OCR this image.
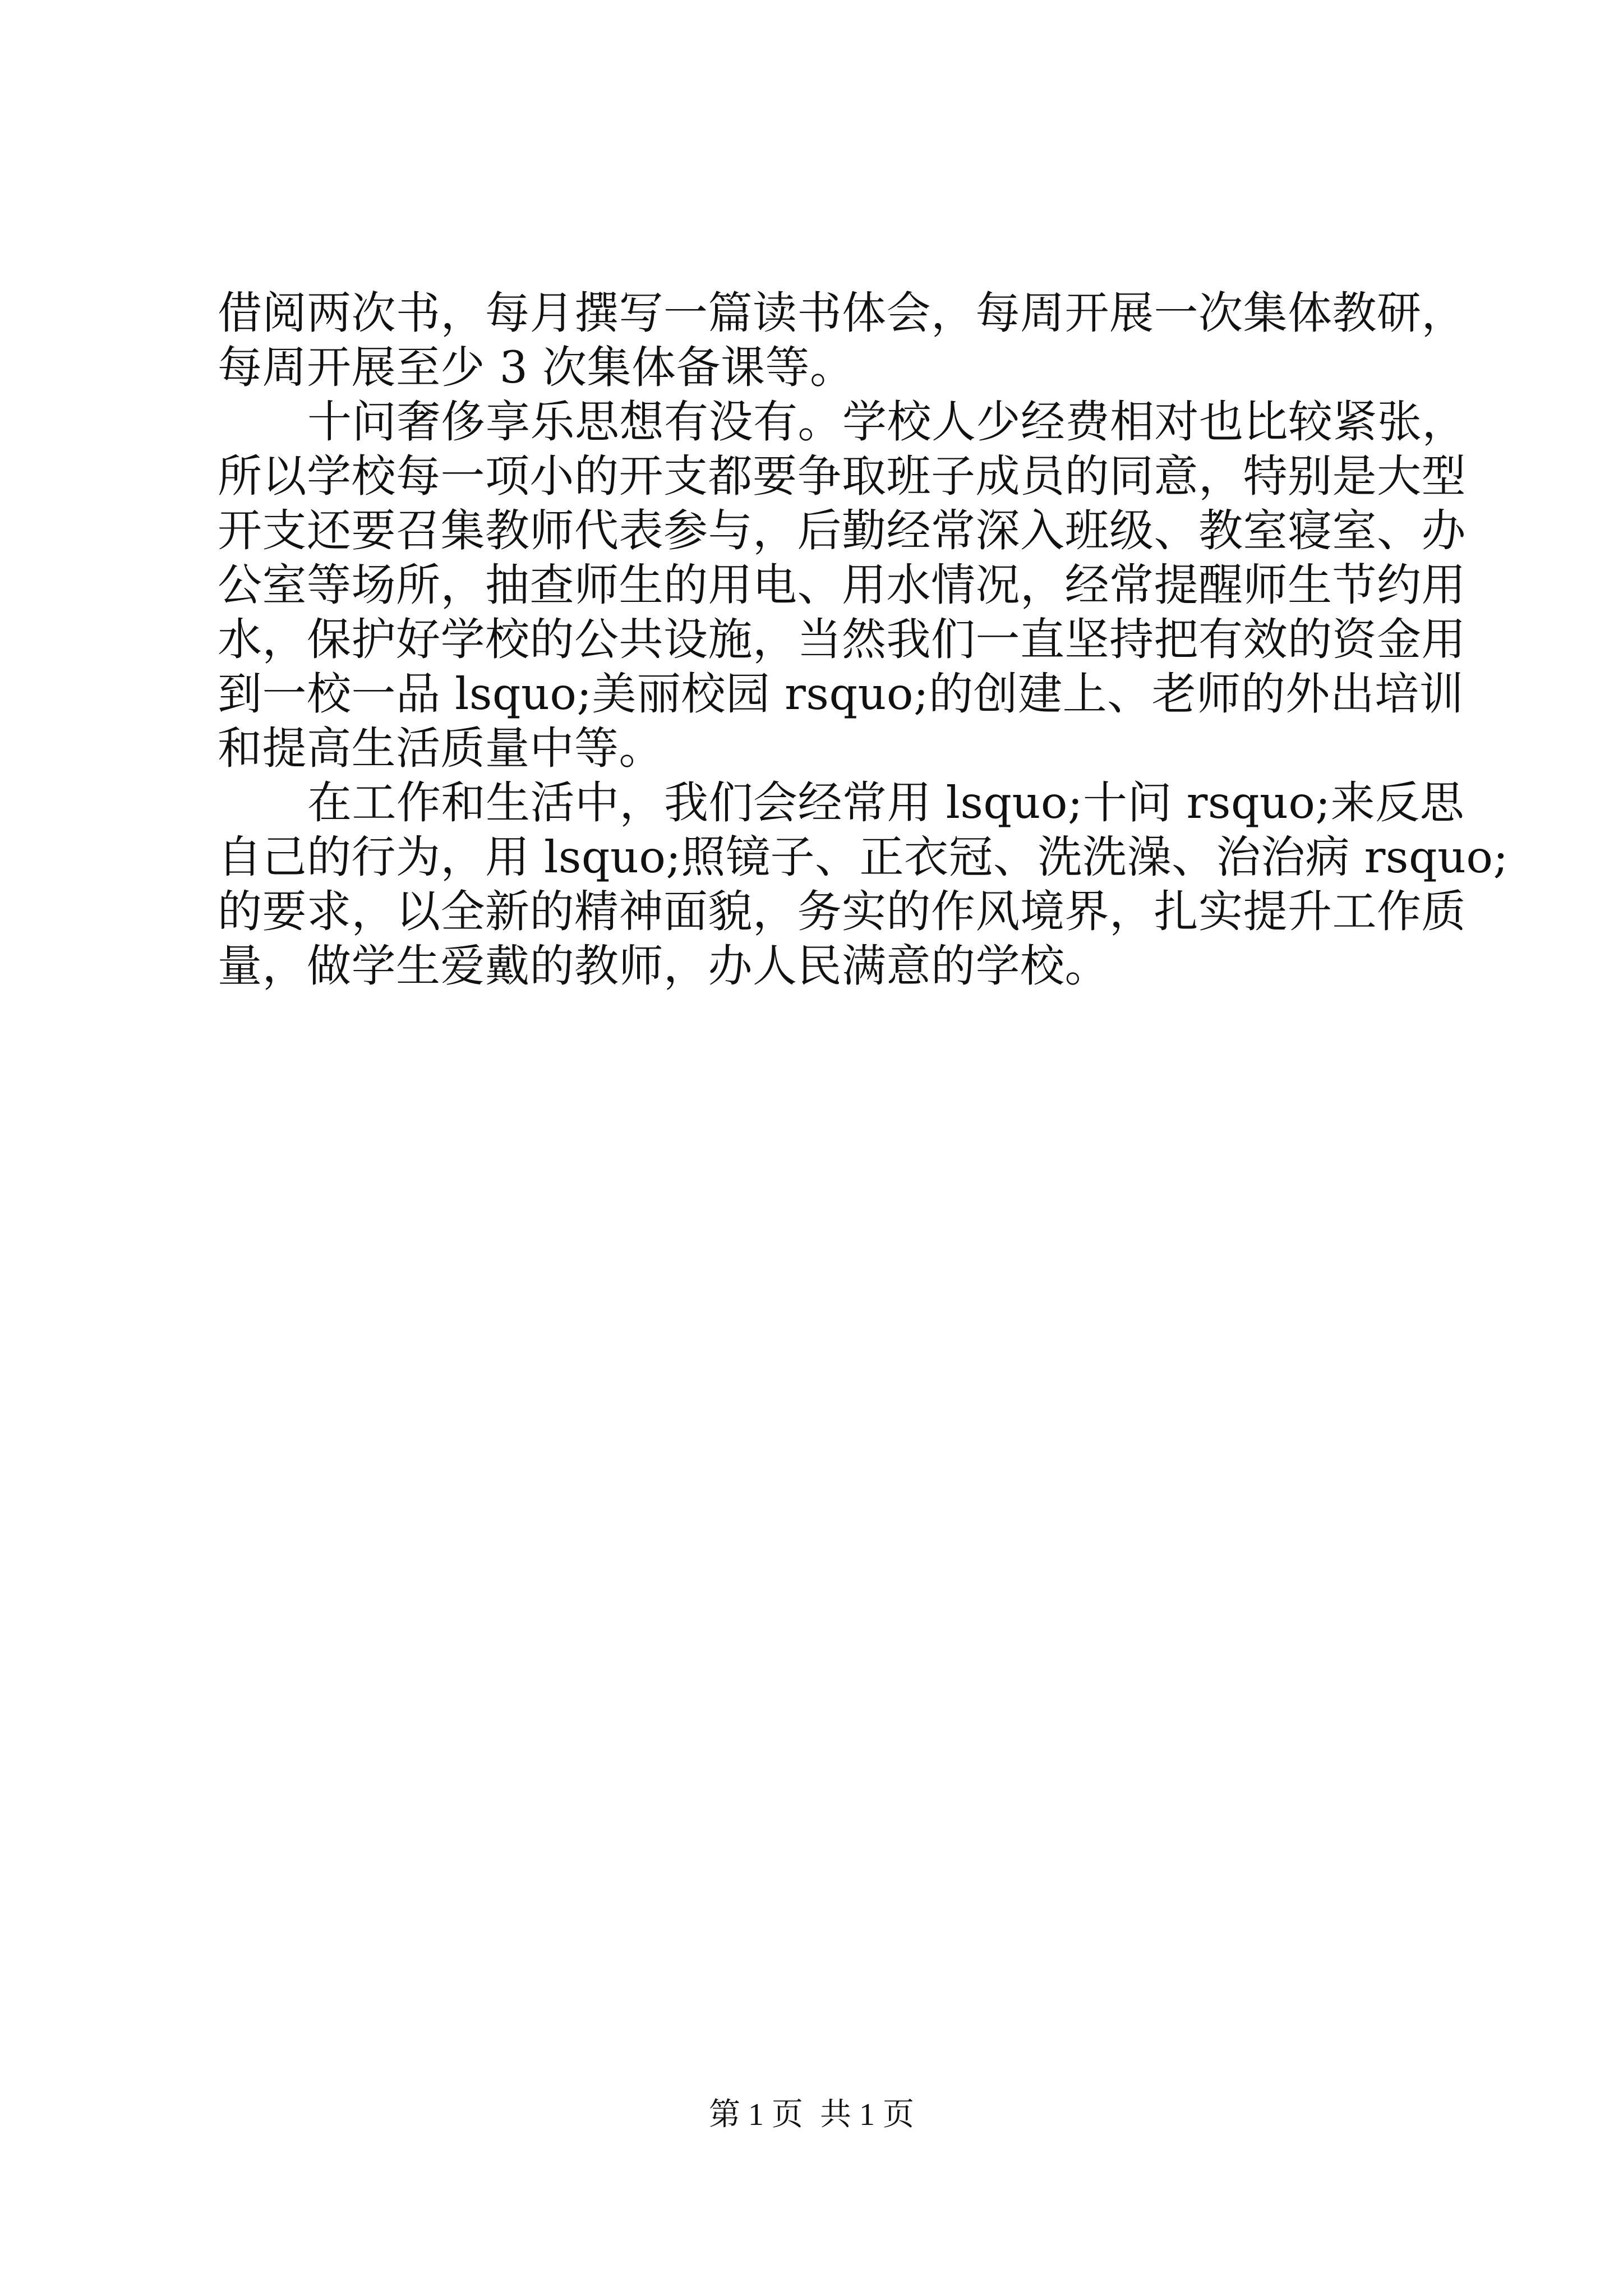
借阅两次书，每月撰写一篇读书体会，每周开展一次集体教研，

每周开展至少 3 次集体备课等。

十问奢侈享乐思想有没有。学校人少经费相对也比较紧张，

所以学校每一项小的开支都要争取班子成员的同意，特别是大型

开支还要召集教师代表参与，后勤经常深入班级、教室寝室、办

公室等场所，抽查师生的用电、用水情况，经常提醒师生节约用

水，保护好学校的公共设施，当然我们一直坚持把有效的资金用

到一校一品 lsquo;美丽校园 rsquo;的创建上、老师的外出培训

和提高生活质量中等。

在工作和生活中，我们会经常用 lsquo;十问 rsquo;来反思

自己的行为，用 lsquo;照镜子、正衣冠、洗洗澡、治治病 rsquo;

的要求，以全新的精神面貌，务实的作风境界，扎实提升工作质

量，做学生爱戴的教师，办人民满意的学校。

第 1 页 共 1 页
